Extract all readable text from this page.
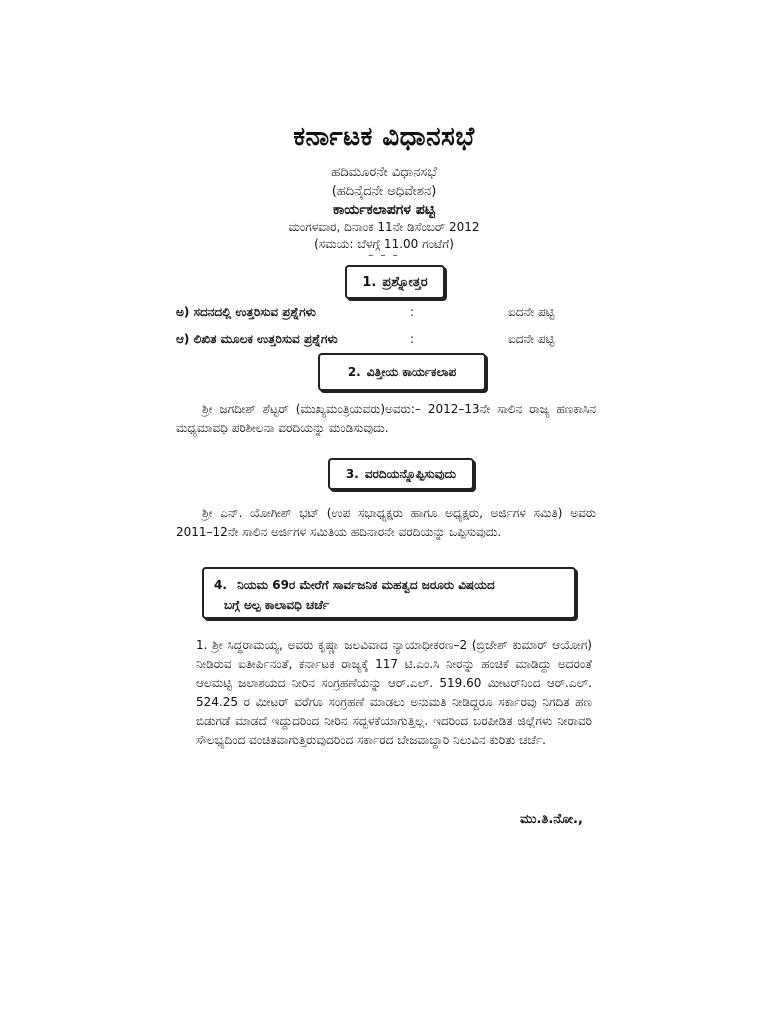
ಕರ್ನಾಟಕ ವಿಧಾನಸಭೆ
ಹದಿಮೂರನೇ ವಿಧಾನಸಭೆ
(ಹದಿನೈದನೇ ಅಧಿವೇಶನ)
ಕಾರ್ಯಕಲಾಪಗಳ ಪಟ್ಟಿ
ಮಂಗಳವಾರ, ದಿನಾಂಕ 11ನೇ ಡಿಸೆಂಬರ್ 2012
(ಸಮಯ: ಬೆಳಗ್ಗೆ 11.00 ಗಂಟೆಗೆ)
– – –
1. ಪ್ರಶ್ನೋತ್ತರ
ಅ) ಸದನದಲ್ಲಿ ಉತ್ತರಿಸುವ ಪ್ರಶ್ನೆಗಳು	:	ಐದನೇ ಪಟ್ಟಿ
ಆ) ಲಿಖಿತ ಮೂಲಕ ಉತ್ತರಿಸುವ ಪ್ರಶ್ನೆಗಳು	:	ಐದನೇ ಪಟ್ಟಿ
2. ವಿತ್ತೀಯ ಕಾರ್ಯಕಲಾಪ
ಶ್ರೀ ಜಗದೀಶ್ ಶೆಟ್ಟರ್ (ಮುಖ್ಯಮಂತ್ರಿಯವರು)ಅವರು:– 2012–13ನೇ ಸಾಲಿನ ರಾಜ್ಯ ಹಣಕಾಸಿನ ಮಧ್ಯಮಾವಧಿ ಪರಿಶೀಲನಾ ವರದಿಯನ್ನು ಮಂಡಿಸುವುದು.
3. ವರದಿಯನ್ನೊಪ್ಪಿಸುವುದು
ಶ್ರೀ ಎನ್. ಯೋಗೀಶ್ ಭಟ್ (ಉಪ ಸಭಾಧ್ಯಕ್ಷರು ಹಾಗೂ ಅಧ್ಯಕ್ಷರು, ಅರ್ಜಿಗಳ ಸಮಿತಿ) ಅವರು 2011–12ನೇ ಸಾಲಿನ ಅರ್ಜಿಗಳ ಸಮಿತಿಯ ಹದಿನಾರನೇ ವರದಿಯನ್ನು ಒಪ್ಪಿಸುವುದು.
4. ನಿಯಮ 69ರ ಮೇರೆಗೆ ಸಾರ್ವಜನಿಕ ಮಹತ್ವದ ಜರೂರು ವಿಷಯದ
ಬಗ್ಗೆ ಅಲ್ಪ ಕಾಲಾವಧಿ ಚರ್ಚೆ
1. ಶ್ರೀ ಸಿದ್ಧರಾಮಯ್ಯ, ಅವರು ಕೃಷ್ಣಾ ಜಲವಿವಾದ ನ್ಯಾಯಾಧೀಕರಣ–2 (ಬ್ರಿಜೇಶ್ ಕುಮಾರ್ ಆಯೋಗ) ನೀಡಿರುವ ಐತೀರ್ಪಿನಂತೆ, ಕರ್ನಾಟಕ ರಾಜ್ಯಕ್ಕೆ 117 ಟಿ.ಎಂ.ಸಿ ನೀರನ್ನು ಹಂಚಿಕೆ ಮಾಡಿದ್ದು ಅದರಂತೆ ಆಲಮಟ್ಟಿ ಜಲಾಶಯದ ನೀರಿನ ಸಂಗ್ರಹಣೆಯನ್ನು ಆರ್.ಎಲ್. 519.60 ಮೀಟರ್‌ನಿಂದ ಆರ್.ಎಲ್. 524.25 ರ ಮೀಟರ್ ವರೆಗೂ ಸಂಗ್ರಹಣೆ ಮಾಡಲು ಅನುಮತಿ ನೀಡಿದ್ದರೂ ಸರ್ಕಾರವು ನಿಗದಿತ ಹಣ ಬಿಡುಗಡೆ ಮಾಡದೆ ಇದ್ದುದರಿಂದ ನೀರಿನ ಸದ್ಬಳಕೆಯಾಗುತ್ತಿಲ್ಲ. ಇದರಿಂದ ಬರಪೀಡಿತ ಜಿಲ್ಲೆಗಳು ನೀರಾವರಿ ಸೌಲಭ್ಯದಿಂದ ವಂಚಿತವಾಗುತ್ತಿರುವುದರಿಂದ ಸರ್ಕಾರದ ಬೇಜವಾಬ್ದಾರಿ ನಿಲುವಿನ ಕುರಿತು ಚರ್ಚೆ.
ಮು.ತಿ.ನೋ.,
